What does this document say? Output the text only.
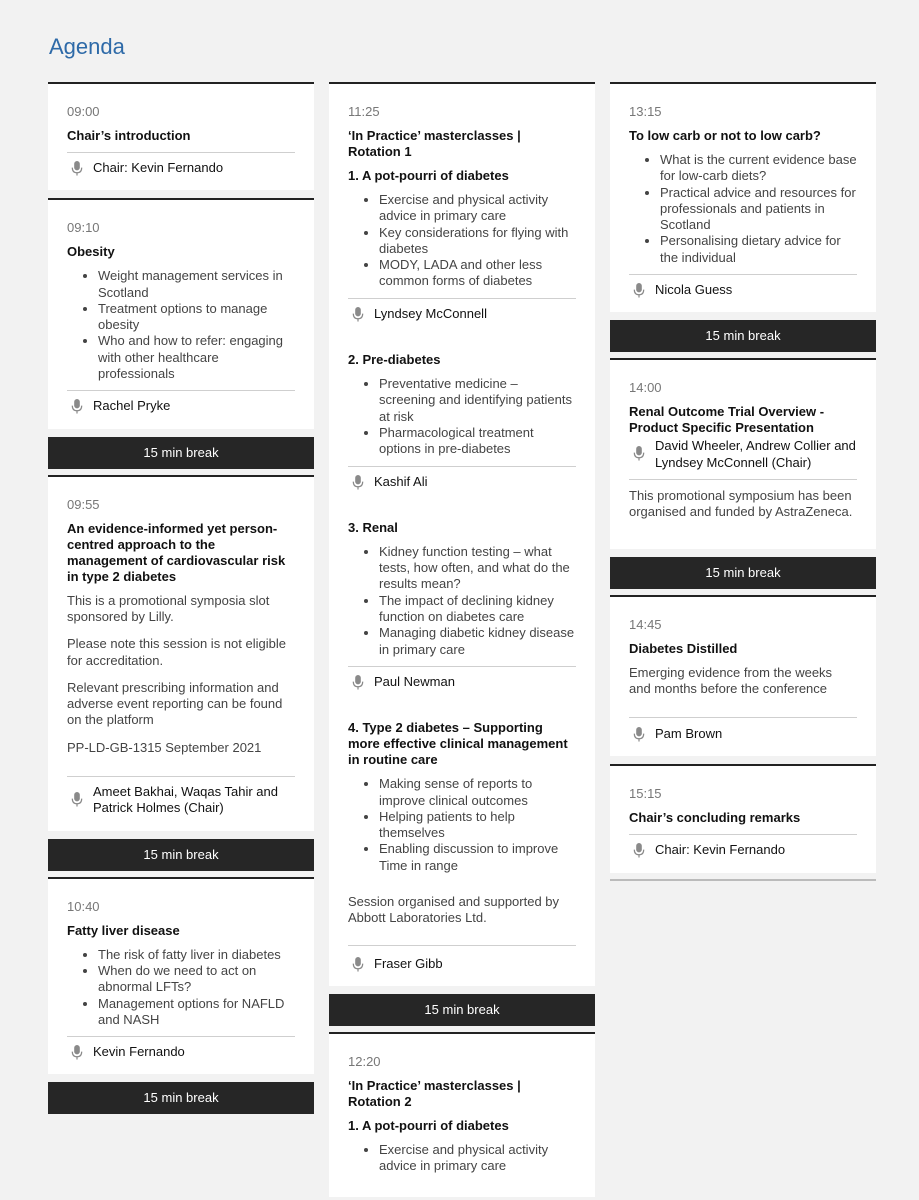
Agenda
09:00
Chair’s introduction
Chair: Kevin Fernando
09:10
Obesity
• Weight management services in Scotland
• Treatment options to manage obesity
• Who and how to refer: engaging with other healthcare professionals
Rachel Pryke
15 min break
09:55
An evidence-informed yet person-centred approach to the management of cardiovascular risk in type 2 diabetes
This is a promotional symposia slot sponsored by Lilly.
Please note this session is not eligible for accreditation.
Relevant prescribing information and adverse event reporting can be found on the platform
PP-LD-GB-1315 September 2021
Ameet Bakhai, Waqas Tahir and Patrick Holmes (Chair)
15 min break
10:40
Fatty liver disease
• The risk of fatty liver in diabetes
• When do we need to act on abnormal LFTs?
• Management options for NAFLD and NASH
Kevin Fernando
15 min break
11:25
‘In Practice’ masterclasses | Rotation 1
1. A pot-pourri of diabetes
• Exercise and physical activity advice in primary care
• Key considerations for flying with diabetes
• MODY, LADA and other less common forms of diabetes
Lyndsey McConnell
2. Pre-diabetes
• Preventative medicine – screening and identifying patients at risk
• Pharmacological treatment options in pre-diabetes
Kashif Ali
3. Renal
• Kidney function testing – what tests, how often, and what do the results mean?
• The impact of declining kidney function on diabetes care
• Managing diabetic kidney disease in primary care
Paul Newman
4. Type 2 diabetes – Supporting more effective clinical management in routine care
• Making sense of reports to improve clinical outcomes
• Helping patients to help themselves
• Enabling discussion to improve Time in range
Session organised and supported by Abbott Laboratories Ltd.
Fraser Gibb
15 min break
12:20
‘In Practice’ masterclasses | Rotation 2
1. A pot-pourri of diabetes
• Exercise and physical activity advice in primary care
13:15
To low carb or not to low carb?
• What is the current evidence base for low-carb diets?
• Practical advice and resources for professionals and patients in Scotland
• Personalising dietary advice for the individual
Nicola Guess
15 min break
14:00
Renal Outcome Trial Overview - Product Specific Presentation
David Wheeler, Andrew Collier and Lyndsey McConnell (Chair)
This promotional symposium has been organised and funded by AstraZeneca.
15 min break
14:45
Diabetes Distilled
Emerging evidence from the weeks and months before the conference
Pam Brown
15:15
Chair’s concluding remarks
Chair: Kevin Fernando
